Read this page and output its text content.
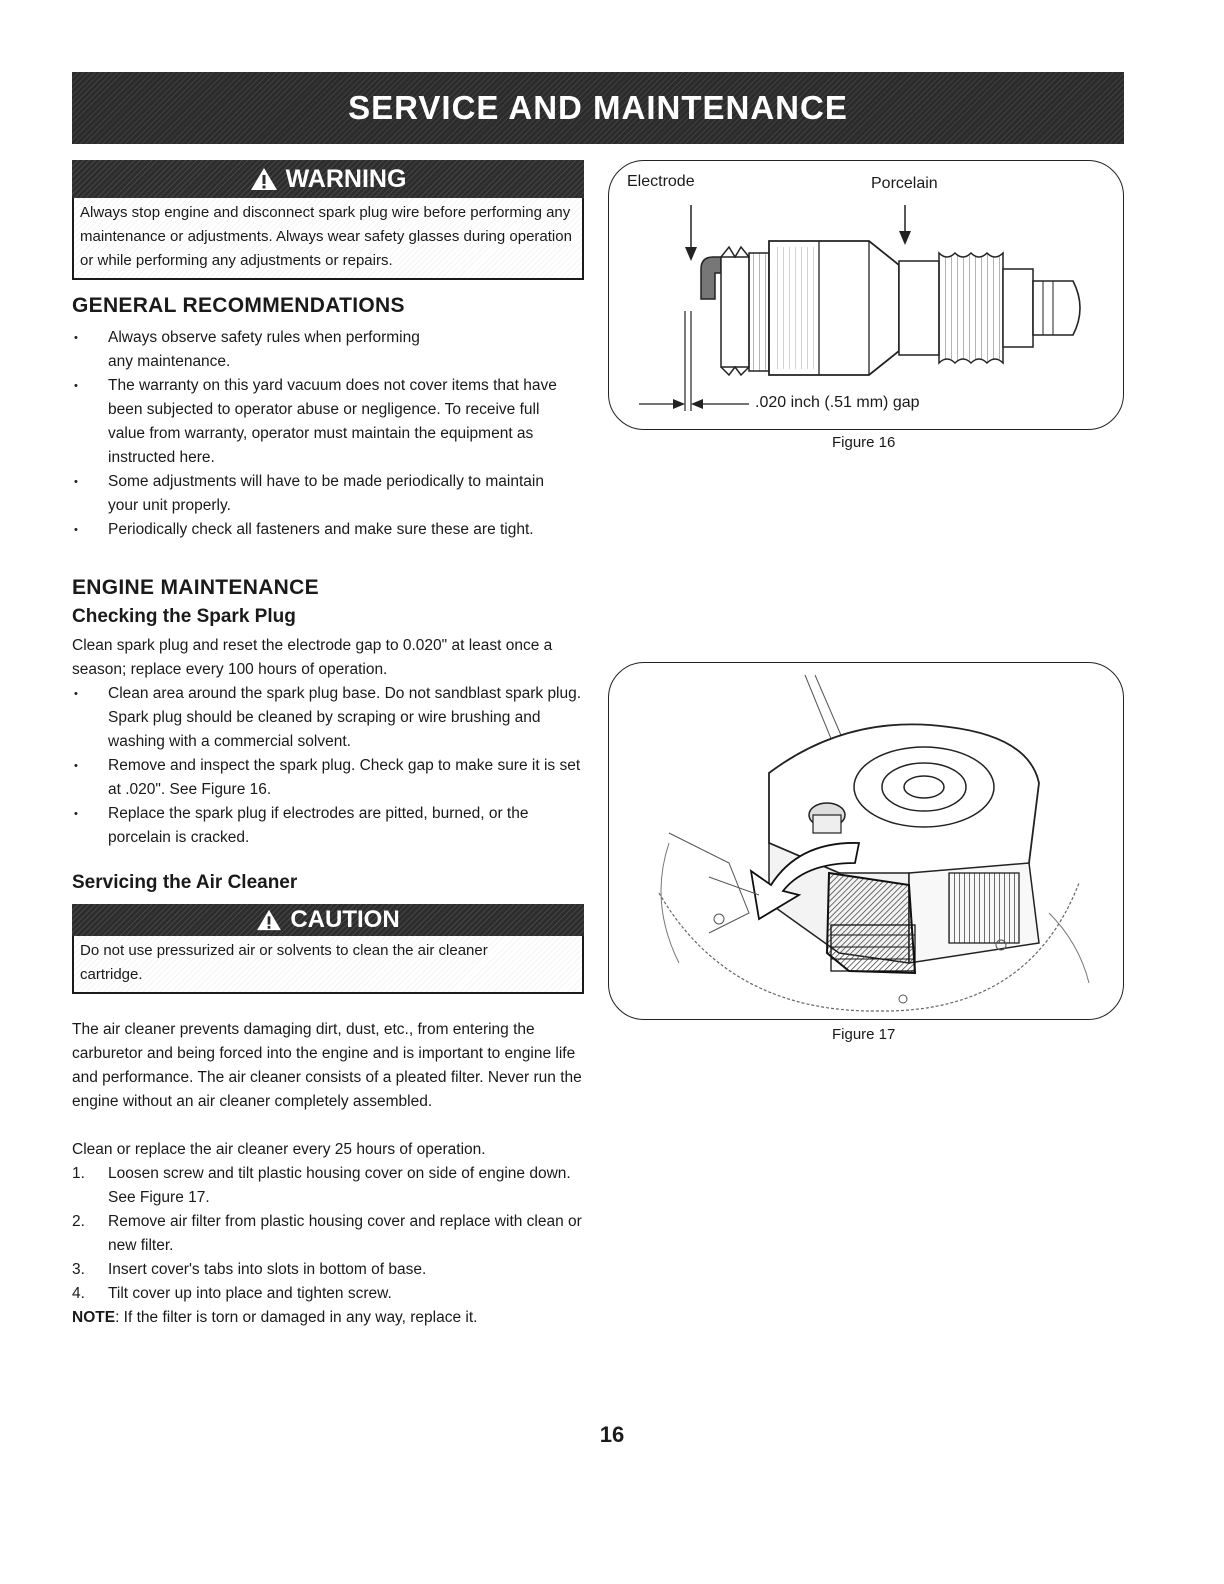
SERVICE AND MAINTENANCE
WARNING
Always stop engine and disconnect spark plug wire before performing any maintenance or adjustments. Always wear safety glasses during operation or while performing any adjustments or repairs.
GENERAL RECOMMENDATIONS
• Always observe safety rules when performing any maintenance.
• The warranty on this yard vacuum does not cover items that have been subjected to operator abuse or negligence. To receive full value from warranty, operator must maintain the equipment as instructed here.
• Some adjustments will have to be made periodically to maintain your unit properly.
• Periodically check all fasteners and make sure these are tight.
ENGINE MAINTENANCE
Checking the Spark Plug

Clean spark plug and reset the electrode gap to 0.020" at least once a season; replace every 100 hours of operation.

• Clean area around the spark plug base. Do not sandblast spark plug. Spark plug should be cleaned by scraping or wire brushing and washing with a commercial solvent.
• Remove and inspect the spark plug. Check gap to make sure it is set at .020". See Figure 16.
• Replace the spark plug if electrodes are pitted, burned, or the porcelain is cracked.
Servicing the Air Cleaner
CAUTION
Do not use pressurized air or solvents to clean the air cleaner cartridge.

The air cleaner prevents damaging dirt, dust, etc., from entering the carburetor and being forced into the engine and is important to engine life and performance. The air cleaner consists of a pleated filter. Never run the engine without an air cleaner completely assembled.

Clean or replace the air cleaner every 25 hours of operation.

1. Loosen screw and tilt plastic housing cover on side of engine down. See Figure 17.
2. Remove air filter from plastic housing cover and replace with clean or new filter.
3. Insert cover's tabs into slots in bottom of base.
4. Tilt cover up into place and tighten screw.

NOTE: If the filter is torn or damaged in any way, replace it.

Electrode	Porcelain
.020 inch (.51 mm) gap
Figure 16
Figure 17
16
